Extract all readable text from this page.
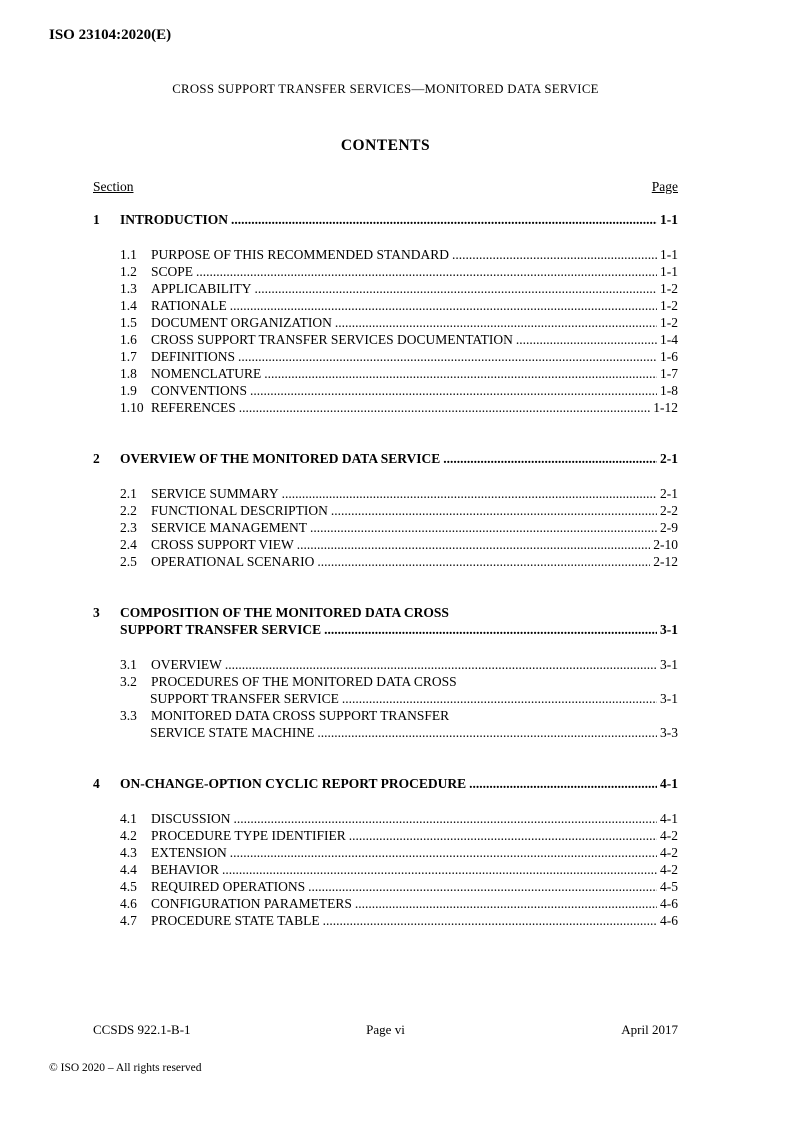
ISO 23104:2020(E)
CROSS SUPPORT TRANSFER SERVICES—MONITORED DATA SERVICE
CONTENTS
Section	Page
1	INTRODUCTION .....	1-1
1.1	PURPOSE OF THIS RECOMMENDED STANDARD .....	1-1
1.2	SCOPE .....	1-1
1.3	APPLICABILITY .....	1-2
1.4	RATIONALE .....	1-2
1.5	DOCUMENT ORGANIZATION .....	1-2
1.6	CROSS SUPPORT TRANSFER SERVICES DOCUMENTATION .....	1-4
1.7	DEFINITIONS .....	1-6
1.8	NOMENCLATURE .....	1-7
1.9	CONVENTIONS .....	1-8
1.10 REFERENCES .....	1-12
2	OVERVIEW OF THE MONITORED DATA SERVICE .....	2-1
2.1	SERVICE SUMMARY .....	2-1
2.2	FUNCTIONAL DESCRIPTION .....	2-2
2.3	SERVICE MANAGEMENT .....	2-9
2.4	CROSS SUPPORT VIEW .....	2-10
2.5	OPERATIONAL SCENARIO .....	2-12
3	COMPOSITION OF THE MONITORED DATA CROSS
SUPPORT TRANSFER SERVICE .....	3-1
3.1	OVERVIEW .....	3-1
3.2	PROCEDURES OF THE MONITORED DATA CROSS
SUPPORT TRANSFER SERVICE .....	3-1
3.3	MONITORED DATA CROSS SUPPORT TRANSFER
SERVICE STATE MACHINE .....	3-3
4	ON-CHANGE-OPTION CYCLIC REPORT PROCEDURE .....	4-1
4.1	DISCUSSION .....	4-1
4.2	PROCEDURE TYPE IDENTIFIER .....	4-2
4.3	EXTENSION .....	4-2
4.4	BEHAVIOR .....	4-2
4.5	REQUIRED OPERATIONS .....	4-5
4.6	CONFIGURATION PARAMETERS .....	4-6
4.7	PROCEDURE STATE TABLE .....	4-6
CCSDS 922.1-B-1	Page vi	April 2017
© ISO 2020 – All rights reserved
